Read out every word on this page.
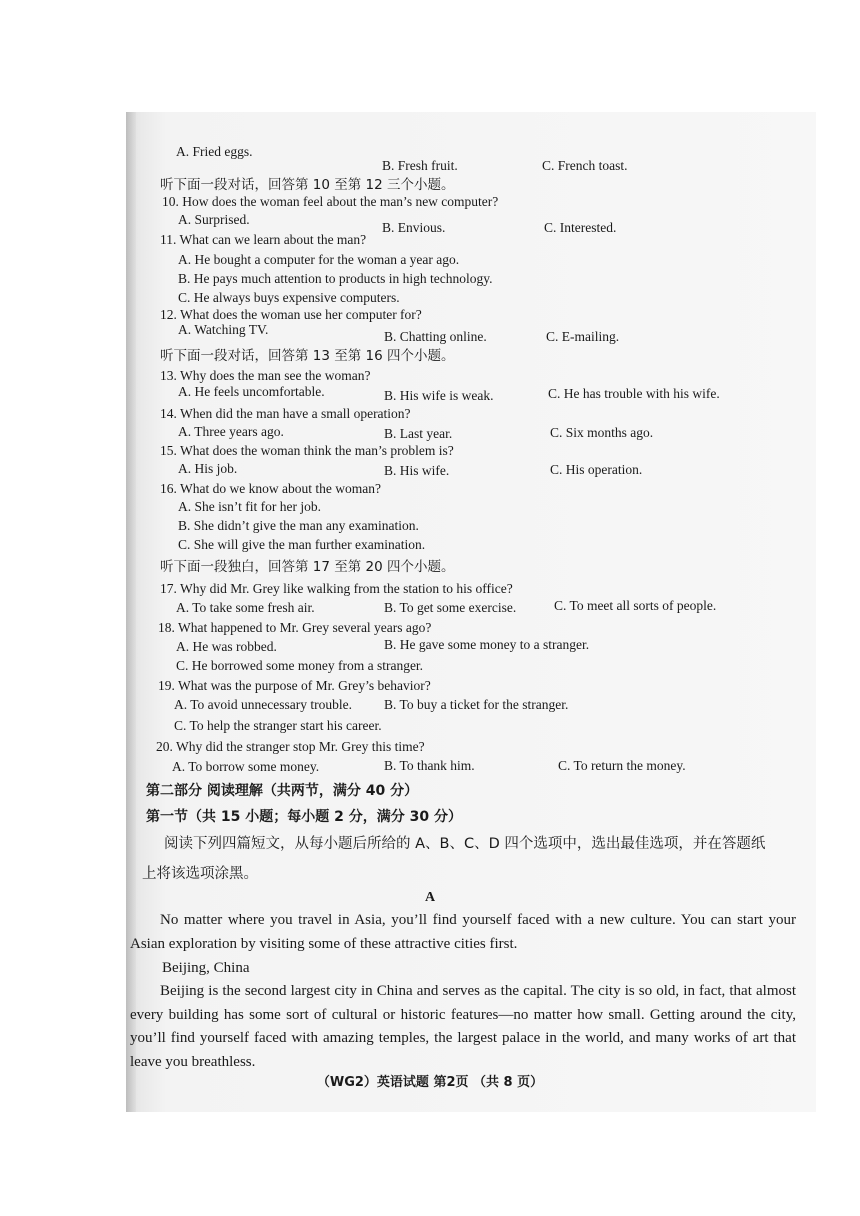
A. Fried eggs.
B. Fresh fruit.	C. French toast.
听下面一段对话，回答第 10 至第 12 三个小题。
10. How does the woman feel about the man’s new computer?
A. Surprised.
B. Envious.	C. Interested.
11. What can we learn about the man?
A. He bought a computer for the woman a year ago.
B. He pays much attention to products in high technology.
C. He always buys expensive computers.
12. What does the woman use her computer for?
A. Watching TV.	B. Chatting online.	C. E-mailing.
听下面一段对话，回答第 13 至第 16 四个小题。
13. Why does the man see the woman?
A. He feels uncomfortable.	B. His wife is weak.	C. He has trouble with his wife.
14. When did the man have a small operation?
A. Three years ago.	B. Last year.	C. Six months ago.
15. What does the woman think the man’s problem is?
A. His job.	B. His wife.	C. His operation.
16. What do we know about the woman?
A. She isn’t fit for her job.
B. She didn’t give the man any examination.
C. She will give the man further examination.
听下面一段独白，回答第 17 至第 20 四个小题。
17. Why did Mr. Grey like walking from the station to his office?
A. To take some fresh air.	B. To get some exercise.	C. To meet all sorts of people.
18. What happened to Mr. Grey several years ago?
A. He was robbed.	B. He gave some money to a stranger.
C. He borrowed some money from a stranger.
19. What was the purpose of Mr. Grey’s behavior?
A. To avoid unnecessary trouble. B. To buy a ticket for the stranger.
C. To help the stranger start his career.
20. Why did the stranger stop Mr. Grey this time?
A. To borrow some money.	B. To thank him.	C. To return the money.
第二部分 阅读理解（共两节，满分 40 分）
第一节（共 15 小题；每小题 2 分，满分 30 分）
阅读下列四篇短文，从每小题后所给的 A、B、C、D 四个选项中，选出最佳选项，并在答题纸
上将该选项涂黑。
A
No matter where you travel in Asia, you’ll find yourself faced with a new culture. You can start your Asian exploration by visiting some of these attractive cities first.
Beijing, China
Beijing is the second largest city in China and serves as the capital. The city is so old, in fact, that almost every building has some sort of cultural or historic features—no matter how small. Getting around the city, you’ll find yourself faced with amazing temples, the largest palace in the world, and many works of art that leave you breathless.
（WG2）英语试题 第2页 （共 8 页）
